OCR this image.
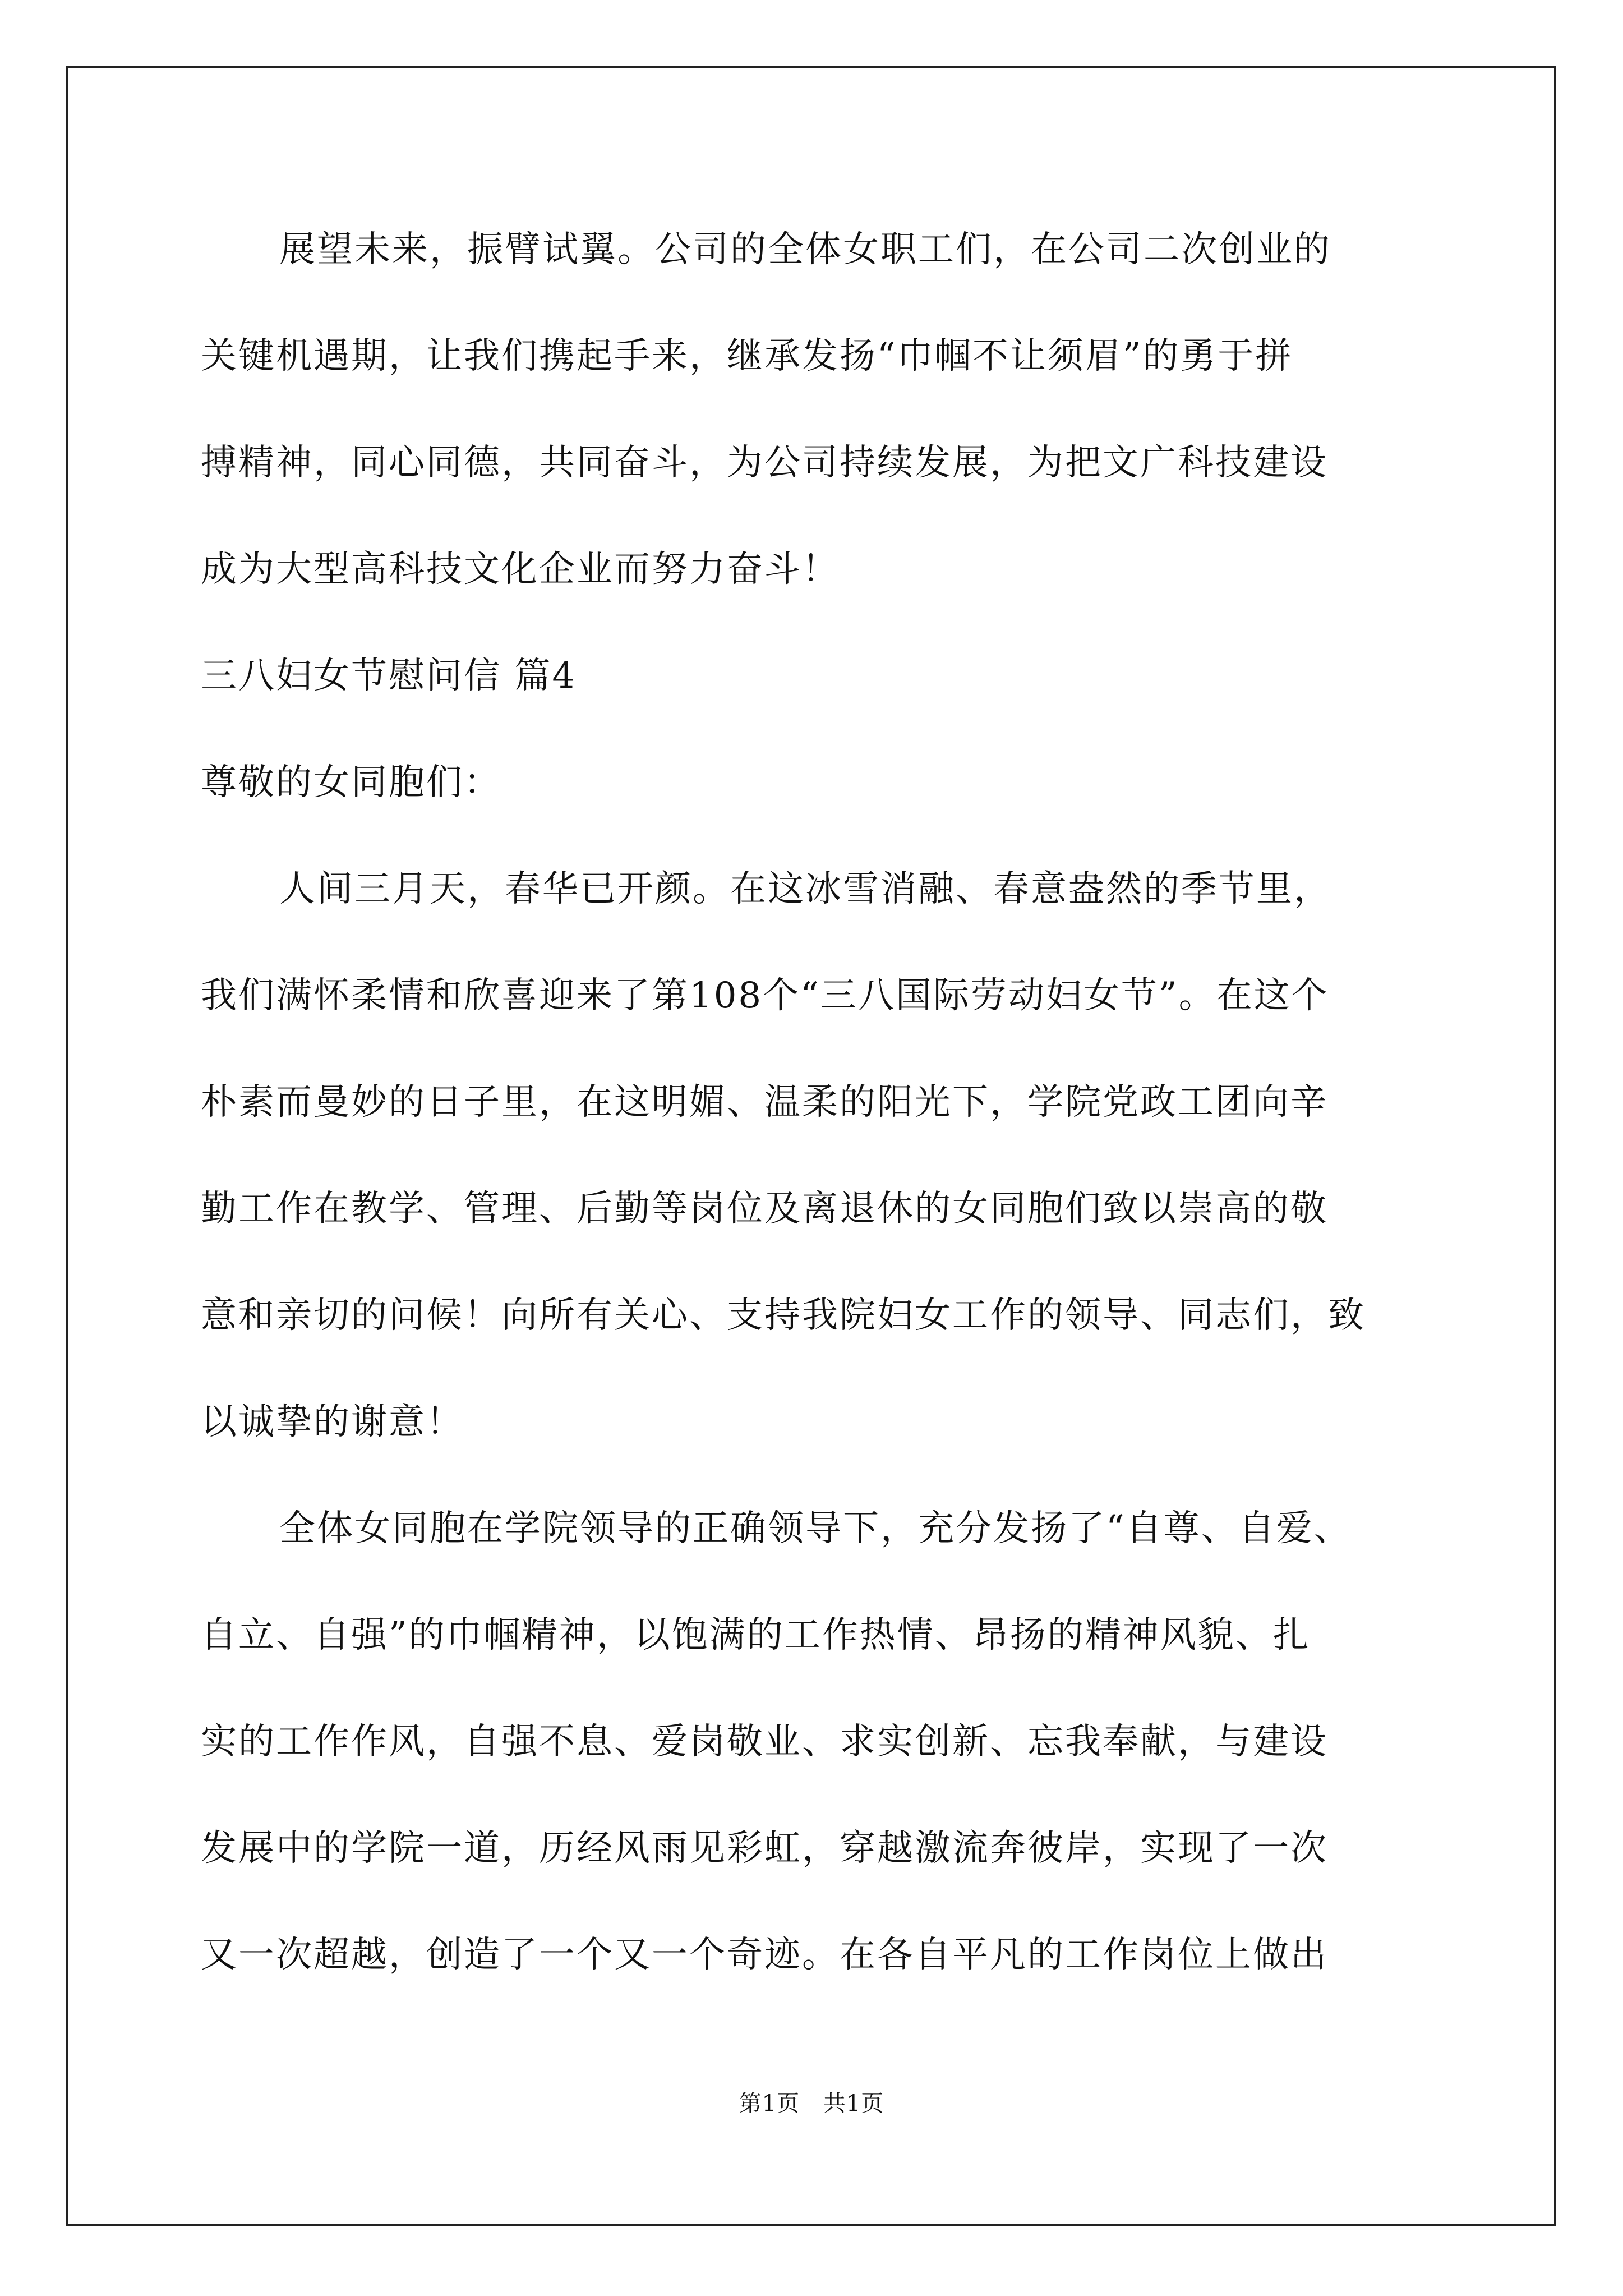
展望未来，振臂试翼。公司的全体女职工们，在公司二次创业的
关键机遇期，让我们携起手来，继承发扬“巾帼不让须眉”的勇于拼
搏精神，同心同德，共同奋斗，为公司持续发展，为把文广科技建设
成为大型高科技文化企业而努力奋斗！
三八妇女节慰问信 篇4
尊敬的女同胞们：
人间三月天，春华已开颜。在这冰雪消融、春意盎然的季节里，
我们满怀柔情和欣喜迎来了第108个“三八国际劳动妇女节”。在这个
朴素而曼妙的日子里，在这明媚、温柔的阳光下，学院党政工团向辛
勤工作在教学、管理、后勤等岗位及离退休的女同胞们致以崇高的敬
意和亲切的问候！向所有关心、支持我院妇女工作的领导、同志们，致
以诚挚的谢意！
全体女同胞在学院领导的正确领导下，充分发扬了“自尊、自爱、
自立、自强”的巾帼精神，以饱满的工作热情、昂扬的精神风貌、扎
实的工作作风，自强不息、爱岗敬业、求实创新、忘我奉献，与建设
发展中的学院一道，历经风雨见彩虹，穿越激流奔彼岸，实现了一次
又一次超越，创造了一个又一个奇迹。在各自平凡的工作岗位上做出
第1页 共1页
